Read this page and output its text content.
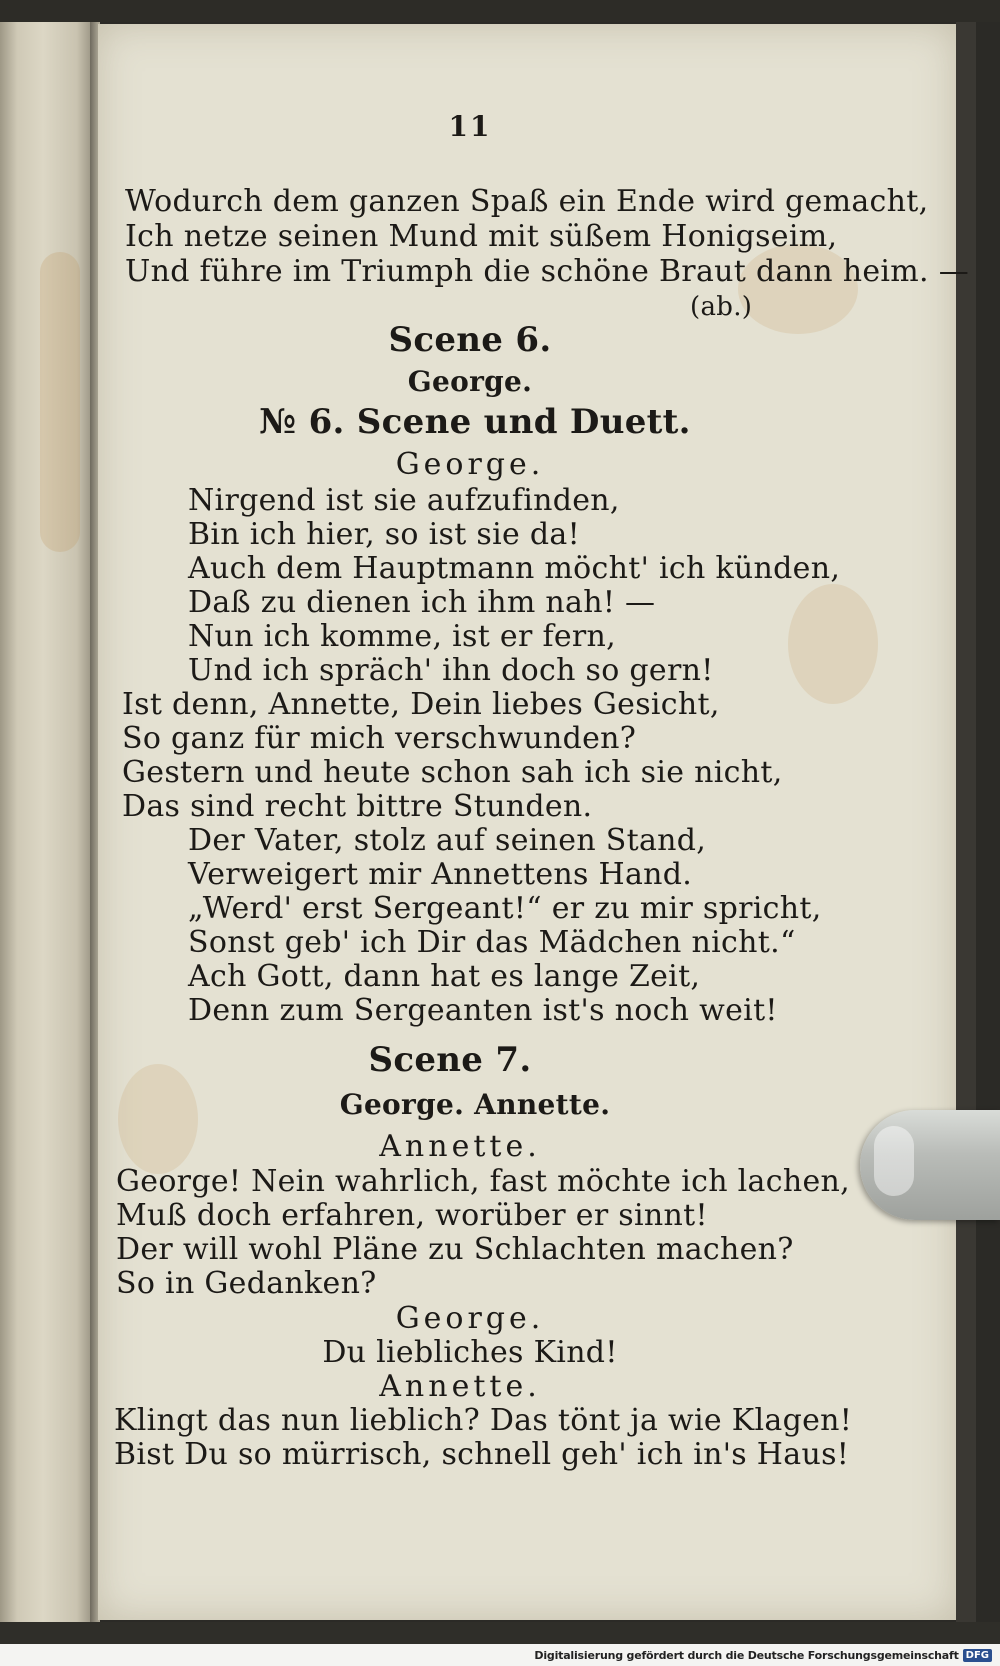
11
Wodurch dem ganzen Spaß ein Ende wird gemacht,
Ich netze seinen Mund mit süßem Honigseim,
Und führe im Triumph die schöne Braut dann heim. —
(ab.)
Scene 6.
George.
№ 6. Scene und Duett.
George.
Nirgend ist sie aufzufinden,
Bin ich hier, so ist sie da!
Auch dem Hauptmann möcht' ich künden,
Daß zu dienen ich ihm nah! —
Nun ich komme, ist er fern,
Und ich spräch' ihn doch so gern!
Ist denn, Annette, Dein liebes Gesicht,
So ganz für mich verschwunden?
Gestern und heute schon sah ich sie nicht,
Das sind recht bittre Stunden.
Der Vater, stolz auf seinen Stand,
Verweigert mir Annettens Hand.
„Werd' erst Sergeant!“ er zu mir spricht,
Sonst geb' ich Dir das Mädchen nicht.“
Ach Gott, dann hat es lange Zeit,
Denn zum Sergeanten ist's noch weit!
Scene 7.
George. Annette.
Annette.
George! Nein wahrlich, fast möchte ich lachen,
Muß doch erfahren, worüber er sinnt!
Der will wohl Pläne zu Schlachten machen?
So in Gedanken?
George.
Du liebliches Kind!
Annette.
Klingt das nun lieblich? Das tönt ja wie Klagen!
Bist Du so mürrisch, schnell geh' ich in's Haus!
Digitalisierung gefördert durch die Deutsche Forschungsgemeinschaft DFG
